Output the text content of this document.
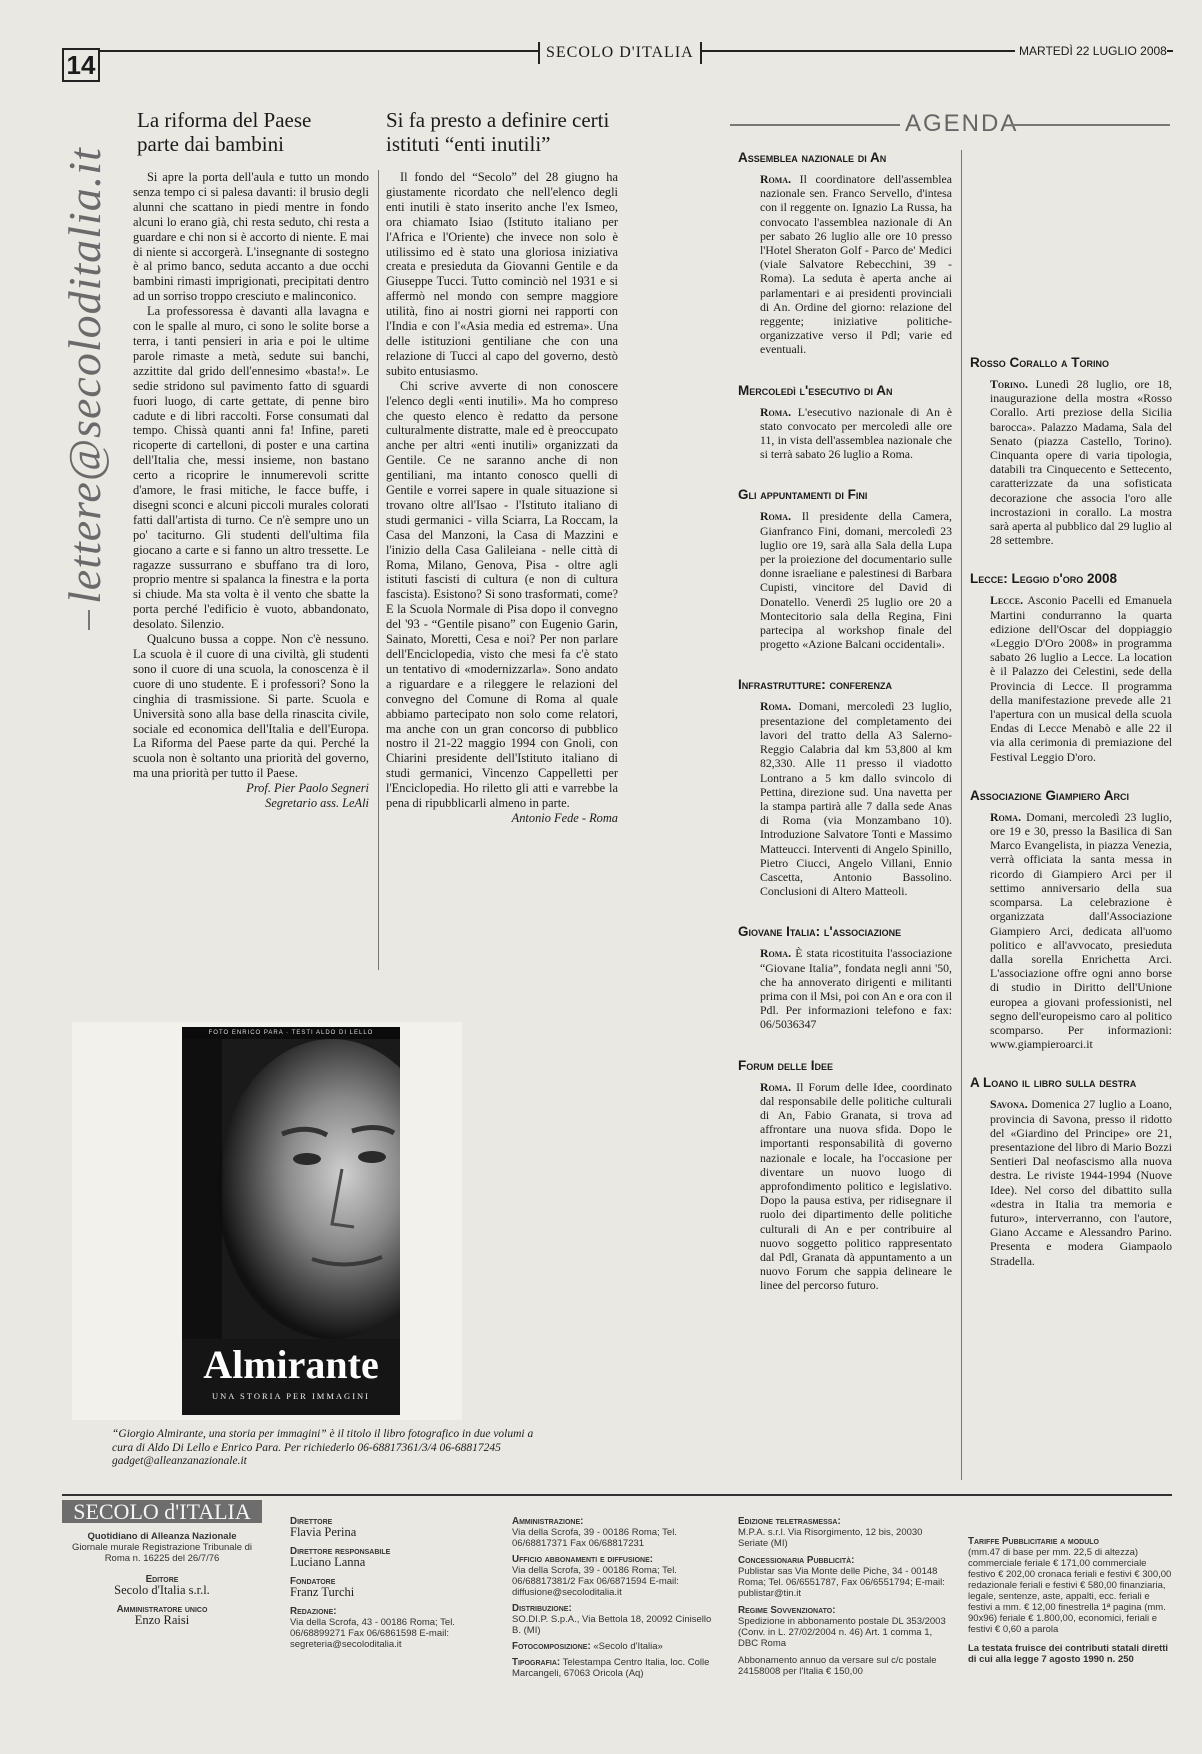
14	SECOLO D'ITALIA	MARTEDÌ 22 LUGLIO 2008
lettere@secoloditalia.it
La riforma del Paese parte dai bambini

Si apre la porta dell'aula e tutto un mondo senza tempo ci si palesa davanti: il brusio degli alunni che scattano in piedi mentre in fondo alcuni lo erano già, chi resta seduto, chi resta a guardare e chi non si è accorto di niente. E mai di niente si accorgerà. L'insegnante di sostegno è al primo banco, seduta accanto a due occhi bambini rimasti imprigionati, precipitati dentro ad un sorriso troppo cresciuto e malinconico.

La professoressa è davanti alla lavagna e con le spalle al muro, ci sono le solite borse a terra, i tanti pensieri in aria e poi le ultime parole rimaste a metà, sedute sui banchi, azzittite dal grido dell'ennesimo «basta!». Le sedie stridono sul pavimento fatto di sguardi fuori luogo, di carte gettate, di penne biro cadute e di libri raccolti. Forse consumati dal tempo. Chissà quanti anni fa! Infine, pareti ricoperte di cartelloni, di poster e una cartina dell'Italia che, messi insieme, non bastano certo a ricoprire le innumerevoli scritte d'amore, le frasi mitiche, le facce buffe, i disegni sconci e alcuni piccoli murales colorati fatti dall'artista di turno. Ce n'è sempre uno un po' taciturno. Gli studenti dell'ultima fila giocano a carte e si fanno un altro tressette. Le ragazze sussurrano e sbuffano tra di loro, proprio mentre si spalanca la finestra e la porta si chiude. Ma sta volta è il vento che sbatte la porta perché l'edificio è vuoto, abbandonato, desolato. Silenzio.

Qualcuno bussa a coppe. Non c'è nessuno. La scuola è il cuore di una civiltà, gli studenti sono il cuore di una scuola, la conoscenza è il cuore di uno studente. E i professori? Sono la cinghia di trasmissione. Si parte. Scuola e Università sono alla base della rinascita civile, sociale ed economica dell'Italia e dell'Europa. La Riforma del Paese parte da qui. Perché la scuola non è soltanto una priorità del governo, ma una priorità per tutto il Paese.

Prof. Pier Paolo Segneri
Segretario ass. LeAli
Si fa presto a definire certi istituti “enti inutili”

Il fondo del “Secolo” del 28 giugno ha giustamente ricordato che nell'elenco degli enti inutili è stato inserito anche l'ex Ismeo, ora chiamato Isiao (Istituto italiano per l'Africa e l'Oriente) che invece non solo è utilissimo ed è stato una gloriosa iniziativa creata e presieduta da Giovanni Gentile e da Giuseppe Tucci. Tutto cominciò nel 1931 e si affermò nel mondo con sempre maggiore utilità, fino ai nostri giorni nei rapporti con l'India e con l'«Asia media ed estrema». Una delle istituzioni gentiliane che con una relazione di Tucci al capo del governo, destò subito entusiasmo.

Chi scrive avverte di non conoscere l'elenco degli «enti inutili». Ma ho compreso che questo elenco è redatto da persone culturalmente distratte, male ed è preoccupato anche per altri «enti inutili» organizzati da Gentile. Ce ne saranno anche di non gentiliani, ma intanto conosco quelli di Gentile e vorrei sapere in quale situazione si trovano oltre all'Isao - l'Istituto italiano di studi germanici - villa Sciarra, La Roccam, la Casa del Manzoni, la Casa di Mazzini e l'inizio della Casa Galileiana - nelle città di Roma, Milano, Genova, Pisa - oltre agli istituti fascisti di cultura (e non di cultura fascista). Esistono? Si sono trasformati, come? E la Scuola Normale di Pisa dopo il convegno del '93 - “Gentile pisano” con Eugenio Garin, Sainato, Moretti, Cesa e noi? Per non parlare dell'Enciclopedia, visto che mesi fa c'è stato un tentativo di «modernizzarla». Sono andato a riguardare e a rileggere le relazioni del convegno del Comune di Roma al quale abbiamo partecipato non solo come relatori, ma anche con un gran concorso di pubblico nostro il 21-22 maggio 1994 con Gnoli, con Chiarini presidente dell'Istituto italiano di studi germanici, Vincenzo Cappelletti per l'Enciclopedia. Ho riletto gli atti e varrebbe la pena di ripubblicarli almeno in parte.

Antonio Fede - Roma
FOTO ENRICO PARA · TESTI ALDO DI LELLO
Almirante
UNA STORIA PER IMMAGINI
“Giorgio Almirante, una storia per immagini” è il titolo il libro fotografico in due volumi a cura di Aldo Di Lello e Enrico Para. Per richiederlo 06-68817361/3/4 06-68817245 gadget@alleanzanazionale.it
AGENDA
Assemblea nazionale di An
Roma. Il coordinatore dell'assemblea nazionale sen. Franco Servello, d'intesa con il reggente on. Ignazio La Russa, ha convocato l'assemblea nazionale di An per sabato 26 luglio alle ore 10 presso l'Hotel Sheraton Golf - Parco de' Medici (viale Salvatore Rebecchini, 39 - Roma). La seduta è aperta anche ai parlamentari e ai presidenti provinciali di An. Ordine del giorno: relazione del reggente; iniziative politiche-organizzative verso il Pdl; varie ed eventuali.
Mercoledì l'esecutivo di An
Roma. L'esecutivo nazionale di An è stato convocato per mercoledì alle ore 11, in vista dell'assemblea nazionale che si terrà sabato 26 luglio a Roma.
Gli appuntamenti di Fini
Roma. Il presidente della Camera, Gianfranco Fini, domani, mercoledì 23 luglio ore 19, sarà alla Sala della Lupa per la proiezione del documentario sulle donne israeliane e palestinesi di Barbara Cupisti, vincitore del David di Donatello. Venerdì 25 luglio ore 20 a Montecitorio sala della Regina, Fini partecipa al workshop finale del progetto «Azione Balcani occidentali».
Infrastrutture: conferenza
Roma. Domani, mercoledì 23 luglio, presentazione del completamento dei lavori del tratto della A3 Salerno-Reggio Calabria dal km 53,800 al km 82,330. Alle 11 presso il viadotto Lontrano a 5 km dallo svincolo di Pettina, direzione sud. Una navetta per la stampa partirà alle 7 dalla sede Anas di Roma (via Monzambano 10). Introduzione Salvatore Tonti e Massimo Matteucci. Interventi di Angelo Spinillo, Pietro Ciucci, Angelo Villani, Ennio Cascetta, Antonio Bassolino. Conclusioni di Altero Matteoli.
Giovane Italia: l'associazione
Roma. È stata ricostituita l'associazione “Giovane Italia”, fondata negli anni '50, che ha annoverato dirigenti e militanti prima con il Msi, poi con An e ora con il Pdl. Per informazioni telefono e fax: 06/5036347
Forum delle Idee
Roma. Il Forum delle Idee, coordinato dal responsabile delle politiche culturali di An, Fabio Granata, si trova ad affrontare una nuova sfida. Dopo le importanti responsabilità di governo nazionale e locale, ha l'occasione per diventare un nuovo luogo di approfondimento politico e legislativo. Dopo la pausa estiva, per ridisegnare il ruolo dei dipartimento delle politiche culturali di An e per contribuire al nuovo soggetto politico rappresentato dal Pdl, Granata dà appuntamento a un nuovo Forum che sappia delineare le linee del percorso futuro.
Rosso Corallo a Torino
Torino. Lunedì 28 luglio, ore 18, inaugurazione della mostra «Rosso Corallo. Arti preziose della Sicilia barocca». Palazzo Madama, Sala del Senato (piazza Castello, Torino). Cinquanta opere di varia tipologia, databili tra Cinquecento e Settecento, caratterizzate da una sofisticata decorazione che associa l'oro alle incrostazioni in corallo. La mostra sarà aperta al pubblico dal 29 luglio al 28 settembre.
Lecce: Leggio d'oro 2008
Lecce. Asconio Pacelli ed Emanuela Martini condurranno la quarta edizione dell'Oscar del doppiaggio «Leggio D'Oro 2008» in programma sabato 26 luglio a Lecce. La location è il Palazzo dei Celestini, sede della Provincia di Lecce. Il programma della manifestazione prevede alle 21 l'apertura con un musical della scuola Endas di Lecce Menabò e alle 22 il via alla cerimonia di premiazione del Festival Leggio D'oro.
Associazione Giampiero Arci
Roma. Domani, mercoledì 23 luglio, ore 19 e 30, presso la Basilica di San Marco Evangelista, in piazza Venezia, verrà officiata la santa messa in ricordo di Giampiero Arci per il settimo anniversario della sua scomparsa. La celebrazione è organizzata dall'Associazione Giampiero Arci, dedicata all'uomo politico e all'avvocato, presieduta dalla sorella Enrichetta Arci. L'associazione offre ogni anno borse di studio in Diritto dell'Unione europea a giovani professionisti, nel segno dell'europeismo caro al politico scomparso. Per informazioni: www.giampieroarci.it
A Loano il libro sulla destra
Savona. Domenica 27 luglio a Loano, provincia di Savona, presso il ridotto del «Giardino del Principe» ore 21, presentazione del libro di Mario Bozzi Sentieri Dal neofascismo alla nuova destra. Le riviste 1944-1994 (Nuove Idee). Nel corso del dibattito sulla «destra in Italia tra memoria e futuro», interverranno, con l'autore, Giano Accame e Alessandro Parino. Presenta e modera Giampaolo Stradella.
SECOLO d'ITALIA
Quotidiano di Alleanza Nazionale
Giornale murale Registrazione Tribunale di Roma n. 16225 del 26/7/76
Editore
Secolo d'Italia s.r.l.
Amministratore unico
Enzo Raisi
Direttore
Flavia Perina
Direttore responsabile
Luciano Lanna
Fondatore
Franz Turchi
Redazione:
Via della Scrofa, 43 - 00186 Roma; Tel. 06/68899271 Fax 06/6861598 E-mail: segreteria@secoloditalia.it
Amministrazione:
Via della Scrofa, 39 - 00186 Roma; Tel. 06/68817371 Fax 06/68817231
Ufficio abbonamenti e diffusione:
Via della Scrofa, 39 - 00186 Roma; Tel. 06/68817381/2 Fax 06/6871594 E-mail: diffusione@secoloditalia.it
Distribuzione:
SO.DI.P. S.p.A., Via Bettola 18, 20092 Cinisello B. (MI)
Fotocomposizione: «Secolo d'Italia»
Tipografia: Telestampa Centro Italia, loc. Colle Marcangeli, 67063 Oricola (Aq)
Edizione teletrasmessa:
M.P.A. s.r.l. Via Risorgimento, 12 bis, 20030 Seriate (MI)
Concessionaria Pubblicità:
Publistar sas Via Monte delle Piche, 34 - 00148 Roma; Tel. 06/6551787, Fax 06/6551794; E-mail: publistar@tin.it
Regime Sovvenzionato:
Spedizione in abbonamento postale DL 353/2003 (Conv. in L. 27/02/2004 n. 46) Art. 1 comma 1, DBC Roma
Abbonamento annuo da versare sul c/c postale 24158008 per l'Italia € 150,00
Tariffe Pubblicitarie a modulo
(mm.47 di base per mm. 22,5 di altezza) commerciale feriale € 171,00 commerciale festivo € 202,00 cronaca feriali e festivi € 300,00 redazionale feriali e festivi € 580,00 finanziaria, legale, sentenze, aste, appalti, ecc. feriali e festivi a mm. € 12,00 finestrella 1ª pagina (mm. 90x96) feriale € 1.800,00, economici, feriali e festivi € 0,60 a parola
La testata fruisce dei contributi statali diretti di cui alla legge 7 agosto 1990 n. 250
